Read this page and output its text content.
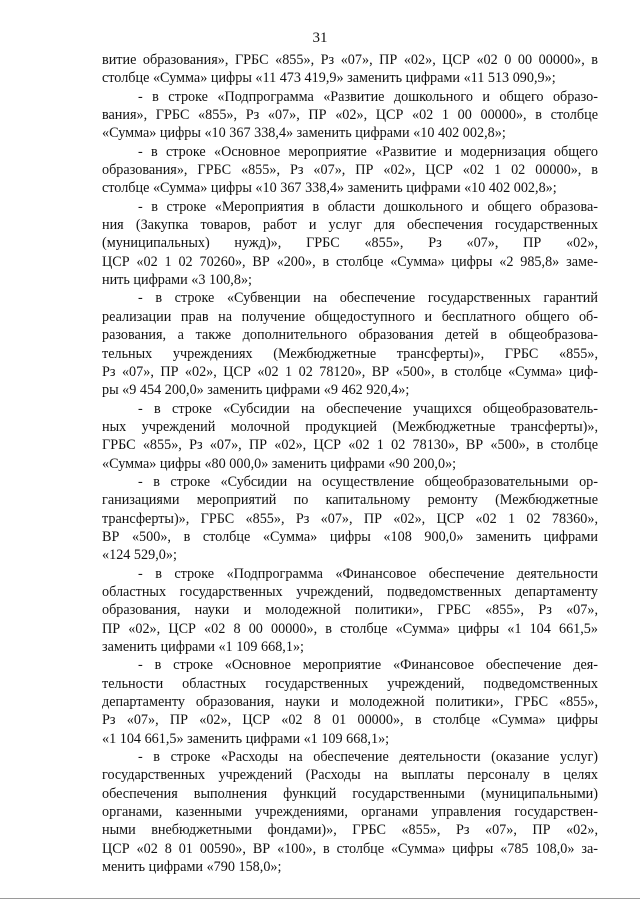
31
витие образования», ГРБС «855», Рз «07», ПР «02», ЦСР «02 0 00 00000», в
столбце «Сумма» цифры «11 473 419,9» заменить цифрами «11 513 090,9»;
- в строке «Подпрограмма «Развитие дошкольного и общего образо-
вания», ГРБС «855», Рз «07», ПР «02», ЦСР «02 1 00 00000», в столбце
«Сумма» цифры «10 367 338,4» заменить цифрами «10 402 002,8»;
- в строке «Основное мероприятие «Развитие и модернизация общего
образования», ГРБС «855», Рз «07», ПР «02», ЦСР «02 1 02 00000», в
столбце «Сумма» цифры «10 367 338,4» заменить цифрами «10 402 002,8»;
- в строке «Мероприятия в области дошкольного и общего образова-
ния (Закупка товаров, работ и услуг для обеспечения государственных
(муниципальных) нужд)», ГРБС «855», Рз «07», ПР «02»,
ЦСР «02 1 02 70260», ВР «200», в столбце «Сумма» цифры «2 985,8» заме-
нить цифрами «3 100,8»;
- в строке «Субвенции на обеспечение государственных гарантий
реализации прав на получение общедоступного и бесплатного общего об-
разования, а также дополнительного образования детей в общеобразова-
тельных учреждениях (Межбюджетные трансферты)», ГРБС «855»,
Рз «07», ПР «02», ЦСР «02 1 02 78120», ВР «500», в столбце «Сумма» циф-
ры «9 454 200,0» заменить цифрами «9 462 920,4»;
- в строке «Субсидии на обеспечение учащихся общеобразователь-
ных учреждений молочной продукцией (Межбюджетные трансферты)»,
ГРБС «855», Рз «07», ПР «02», ЦСР «02 1 02 78130», ВР «500», в столбце
«Сумма» цифры «80 000,0» заменить цифрами «90 200,0»;
- в строке «Субсидии на осуществление общеобразовательными ор-
ганизациями мероприятий по капитальному ремонту (Межбюджетные
трансферты)», ГРБС «855», Рз «07», ПР «02», ЦСР «02 1 02 78360»,
ВР «500», в столбце «Сумма» цифры «108 900,0» заменить цифрами
«124 529,0»;
- в строке «Подпрограмма «Финансовое обеспечение деятельности
областных государственных учреждений, подведомственных департаменту
образования, науки и молодежной политики», ГРБС «855», Рз «07»,
ПР «02», ЦСР «02 8 00 00000», в столбце «Сумма» цифры «1 104 661,5»
заменить цифрами «1 109 668,1»;
- в строке «Основное мероприятие «Финансовое обеспечение дея-
тельности областных государственных учреждений, подведомственных
департаменту образования, науки и молодежной политики», ГРБС «855»,
Рз «07», ПР «02», ЦСР «02 8 01 00000», в столбце «Сумма» цифры
«1 104 661,5» заменить цифрами «1 109 668,1»;
- в строке «Расходы на обеспечение деятельности (оказание услуг)
государственных учреждений (Расходы на выплаты персоналу в целях
обеспечения выполнения функций государственными (муниципальными)
органами, казенными учреждениями, органами управления государствен-
ными внебюджетными фондами)», ГРБС «855», Рз «07», ПР «02»,
ЦСР «02 8 01 00590», ВР «100», в столбце «Сумма» цифры «785 108,0» за-
менить цифрами «790 158,0»;
